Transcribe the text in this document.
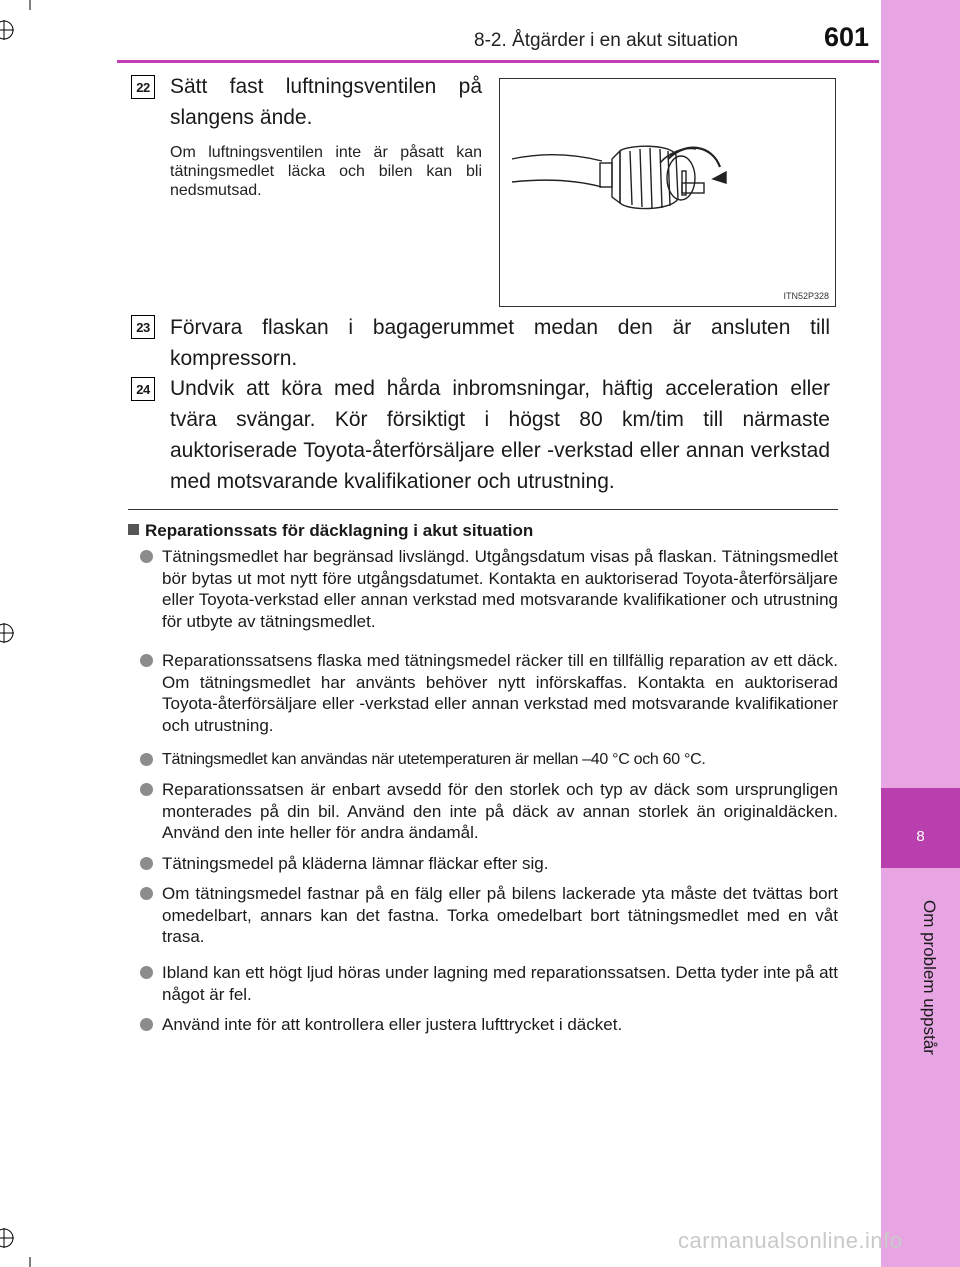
8
8-2. Åtgärder i en akut situation	601
22 Sätt fast luftningsventilen på slangens ände.
Om luftningsventilen inte är påsatt kan tätningsmedlet läcka och bilen kan bli nedsmutsad.
.
ITN52P328
23 Förvara flaskan i bagagerummet medan den är ansluten till kompressorn.
24 Undvik att köra med hårda inbromsningar, häftig acceleration eller tvära svängar. Kör försiktigt i högst 80 km/tim till närmaste auktoriserade Toyota-återförsäljare eller -verkstad eller annan verkstad med motsvarande kvalifikationer och utrustning.
Reparationssats för däcklagning i akut situation
Tätningsmedlet har begränsad livslängd. Utgångsdatum visas på flaskan. Tätningsmedlet bör bytas ut mot nytt före utgångsdatumet. Kontakta en auktoriserad Toyota-återförsäljare eller Toyota-verkstad eller annan verkstad med motsvarande kvalifikationer och utrustning för utbyte av tätningsmedlet.
Reparationssatsens flaska med tätningsmedel räcker till en tillfällig reparation av ett däck. Om tätningsmedlet har använts behöver nytt införskaffas. Kontakta en auktoriserad Toyota-återförsäljare eller -verkstad eller annan verkstad med motsvarande kvalifikationer och utrustning.
Tätningsmedlet kan användas när utetemperaturen är mellan –40 °C och 60 °C.
Reparationssatsen är enbart avsedd för den storlek och typ av däck som ursprungligen monterades på din bil. Använd den inte på däck av annan storlek än originaldäcken. Använd den inte heller för andra ändamål.
Tätningsmedel på kläderna lämnar fläckar efter sig.
Om tätningsmedel fastnar på en fälg eller på bilens lackerade yta måste det tvättas bort omedelbart, annars kan det fastna. Torka omedelbart bort tätningsmedlet med en våt trasa.
Ibland kan ett högt ljud höras under lagning med reparationssatsen. Detta tyder inte på att något är fel.
Använd inte för att kontrollera eller justera lufttrycket i däcket.
carmanualsonline.info
